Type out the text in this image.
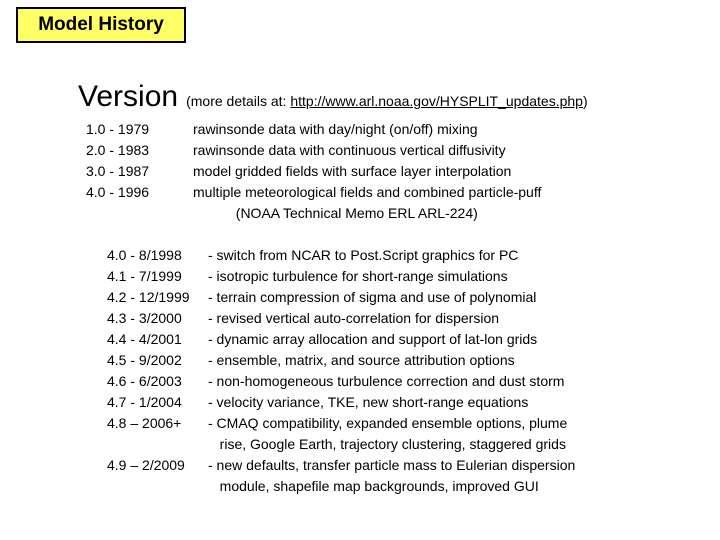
Model History
Version (more details at: http://www.arl.noaa.gov/HYSPLIT_updates.php)
1.0 - 1979	rawinsonde data with day/night (on/off) mixing
2.0 - 1983	rawinsonde data with continuous vertical diffusivity
3.0 - 1987	model gridded fields with surface layer interpolation
4.0 - 1996	multiple meteorological fields and combined particle-puff
(NOAA Technical Memo ERL ARL-224)
4.0 - 8/1998 - switch from NCAR to Post.Script graphics for PC
4.1 - 7/1999 - isotropic turbulence for short-range simulations
4.2 - 12/1999 - terrain compression of sigma and use of polynomial
4.3 - 3/2000 - revised vertical auto-correlation for dispersion
4.4 - 4/2001 - dynamic array allocation and support of lat-lon grids
4.5 - 9/2002 - ensemble, matrix, and source attribution options
4.6 - 6/2003 - non-homogeneous turbulence correction and dust storm
4.7 - 1/2004 - velocity variance, TKE, new short-range equations
4.8 – 2006+ - CMAQ compatibility, expanded ensemble options, plume
rise, Google Earth, trajectory clustering, staggered grids
4.9 – 2/2009 - new defaults, transfer particle mass to Eulerian dispersion
module, shapefile map backgrounds, improved GUI
